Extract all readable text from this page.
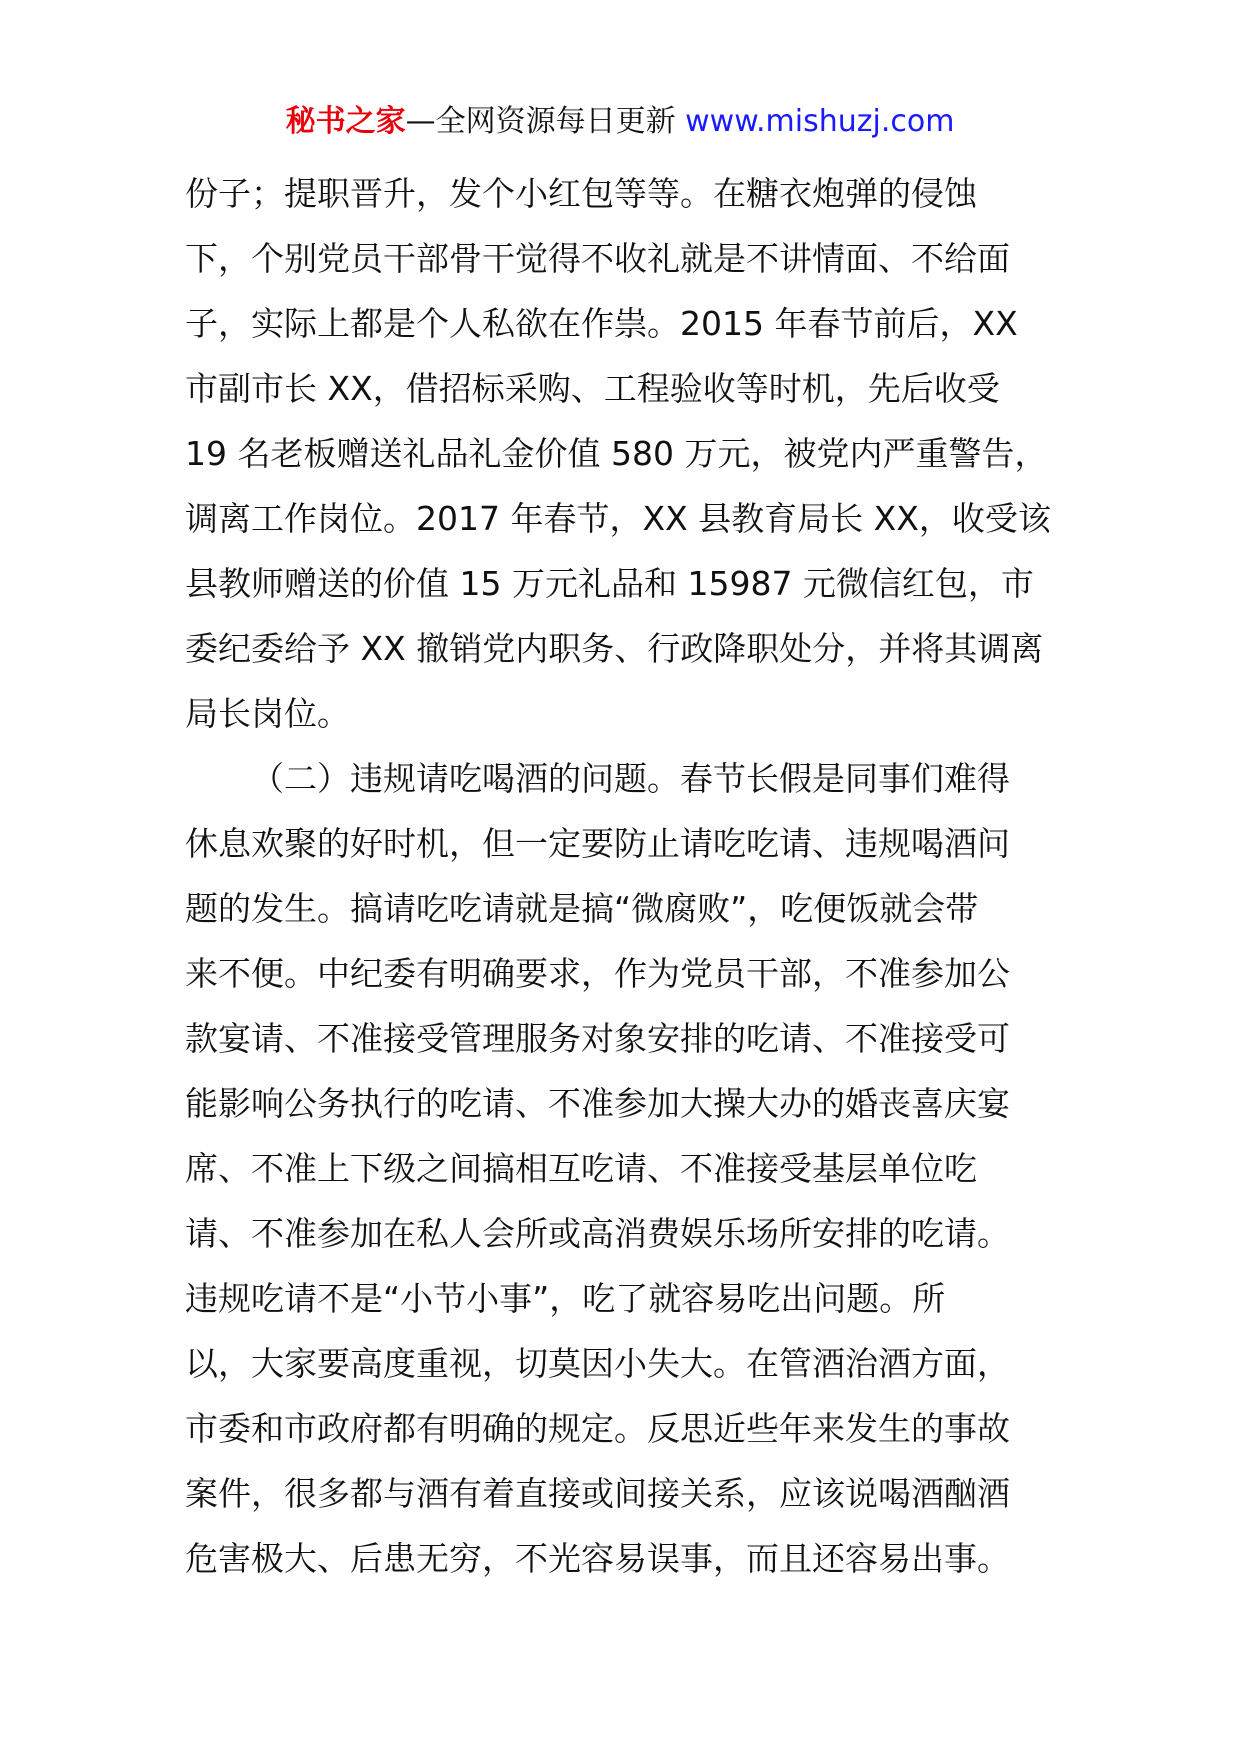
秘书之家—全网资源每日更新 www.mishuzj.com
份子；提职晋升，发个小红包等等。在糖衣炮弹的侵蚀
下，个别党员干部骨干觉得不收礼就是不讲情面、不给面
子，实际上都是个人私欲在作祟。2015 年春节前后，XX
市副市长 XX，借招标采购、工程验收等时机，先后收受
19 名老板赠送礼品礼金价值 580 万元，被党内严重警告，
调离工作岗位。2017 年春节，XX 县教育局长 XX，收受该
县教师赠送的价值 15 万元礼品和 15987 元微信红包，市
委纪委给予 XX 撤销党内职务、行政降职处分，并将其调离
局长岗位。
（二）违规请吃喝酒的问题。春节长假是同事们难得
休息欢聚的好时机，但一定要防止请吃吃请、违规喝酒问
题的发生。搞请吃吃请就是搞“微腐败”，吃便饭就会带
来不便。中纪委有明确要求，作为党员干部，不准参加公
款宴请、不准接受管理服务对象安排的吃请、不准接受可
能影响公务执行的吃请、不准参加大操大办的婚丧喜庆宴
席、不准上下级之间搞相互吃请、不准接受基层单位吃
请、不准参加在私人会所或高消费娱乐场所安排的吃请。
违规吃请不是“小节小事”，吃了就容易吃出问题。所
以，大家要高度重视，切莫因小失大。在管酒治酒方面，
市委和市政府都有明确的规定。反思近些年来发生的事故
案件，很多都与酒有着直接或间接关系，应该说喝酒酗酒
危害极大、后患无穷，不光容易误事，而且还容易出事。
